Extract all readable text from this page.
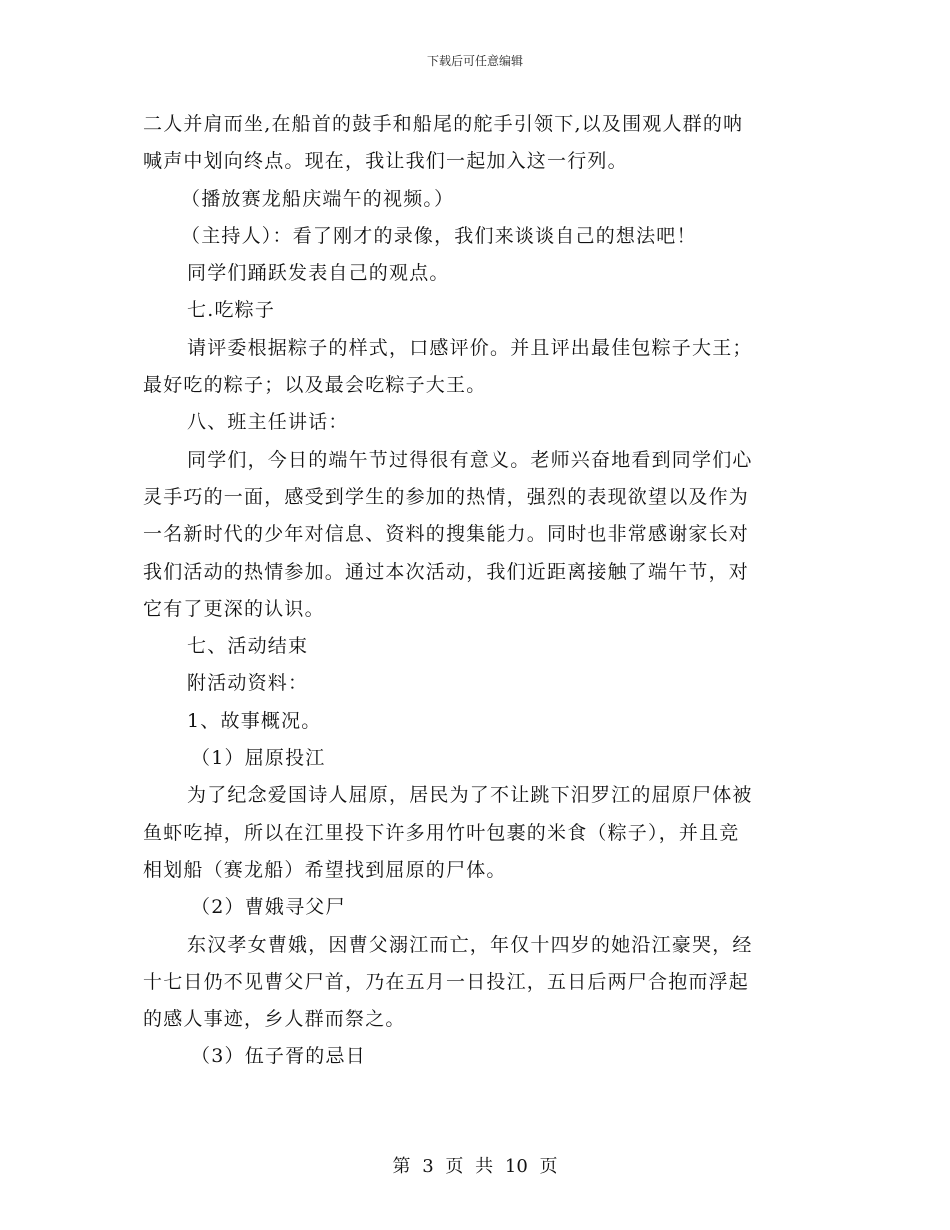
下载后可任意编辑

二人并肩而坐,在船首的鼓手和船尾的舵手引领下,以及围观人群的呐

喊声中划向终点。现在，我让我们一起加入这一行列。

（播放赛龙船庆端午的视频。）

（主持人）：看了刚才的录像，我们来谈谈自己的想法吧！

同学们踊跃发表自己的观点。

七.吃粽子

请评委根据粽子的样式，口感评价。并且评出最佳包粽子大王；

最好吃的粽子；以及最会吃粽子大王。

八、班主任讲话：

同学们，今日的端午节过得很有意义。老师兴奋地看到同学们心

灵手巧的一面，感受到学生的参加的热情，强烈的表现欲望以及作为

一名新时代的少年对信息、资料的搜集能力。同时也非常感谢家长对

我们活动的热情参加。通过本次活动，我们近距离接触了端午节，对

它有了更深的认识。

七、活动结束

附活动资料：

1、故事概况。

（1）屈原投江

为了纪念爱国诗人屈原，居民为了不让跳下汨罗江的屈原尸体被

鱼虾吃掉，所以在江里投下许多用竹叶包裹的米食（粽子），并且竞

相划船（赛龙船）希望找到屈原的尸体。

（2）曹娥寻父尸

东汉孝女曹娥，因曹父溺江而亡，年仅十四岁的她沿江豪哭，经

十七日仍不见曹父尸首，乃在五月一日投江，五日后两尸合抱而浮起

的感人事迹，乡人群而祭之。

（3）伍子胥的忌日

第 3 页 共 10 页
